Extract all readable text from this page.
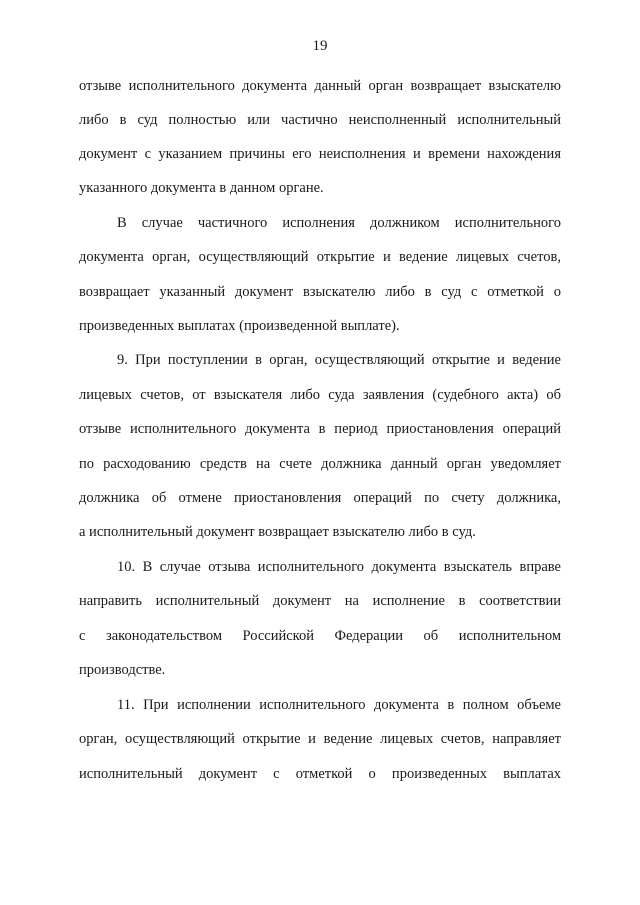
19
отзыве исполнительного документа данный орган возвращает взыскателю
либо в суд полностью или частично неисполненный исполнительный
документ с указанием причины его неисполнения и времени нахождения
указанного документа в данном органе.
В случае частичного исполнения должником исполнительного
документа орган, осуществляющий открытие и ведение лицевых счетов,
возвращает указанный документ взыскателю либо в суд с отметкой о
произведенных выплатах (произведенной выплате).
9. При поступлении в орган, осуществляющий открытие и ведение
лицевых счетов, от взыскателя либо суда заявления (судебного акта) об
отзыве исполнительного документа в период приостановления операций
по расходованию средств на счете должника данный орган уведомляет
должника об отмене приостановления операций по счету должника,
а исполнительный документ возвращает взыскателю либо в суд.
10. В случае отзыва исполнительного документа взыскатель вправе
направить исполнительный документ на исполнение в соответствии
с законодательством Российской Федерации об исполнительном
производстве.
11. При исполнении исполнительного документа в полном объеме
орган, осуществляющий открытие и ведение лицевых счетов, направляет
исполнительный документ с отметкой о произведенных выплатах
